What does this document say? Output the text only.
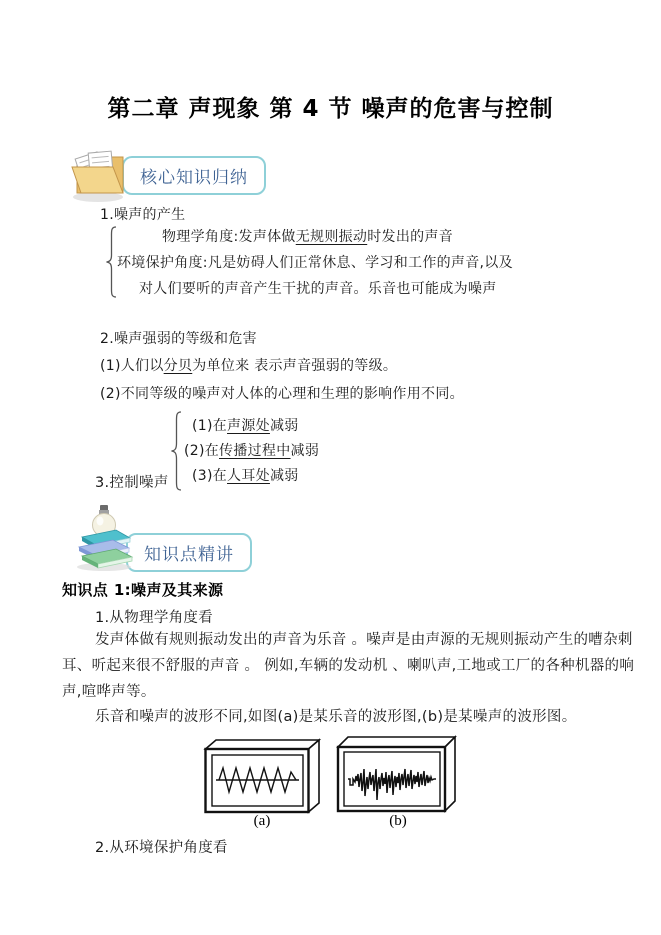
第二章 声现象 第 4 节 噪声的危害与控制
核心知识归纳
1.噪声的产生
物理学角度:发声体做无规则振动时发出的声音
环境保护角度:凡是妨碍人们正常休息、学习和工作的声音,以及
对人们要听的声音产生干扰的声音。乐音也可能成为噪声
2.噪声强弱的等级和危害
(1)人们以分贝为单位来 表示声音强弱的等级。
(2)不同等级的噪声对人体的心理和生理的影响作用不同。
3.控制噪声
(1)在声源处减弱
(2)在传播过程中减弱
(3)在人耳处减弱
知识点精讲
知识点 1:噪声及其来源
1.从物理学角度看
发声体做有规则振动发出的声音为乐音 。噪声是由声源的无规则振动产生的嘈杂刺
耳、听起来很不舒服的声音 。 例如,车辆的发动机 、喇叭声,工地或工厂的各种机器的响
声,喧哗声等。
乐音和噪声的波形不同,如图(a)是某乐音的波形图,(b)是某噪声的波形图。
(a)	(b)
2.从环境保护角度看
